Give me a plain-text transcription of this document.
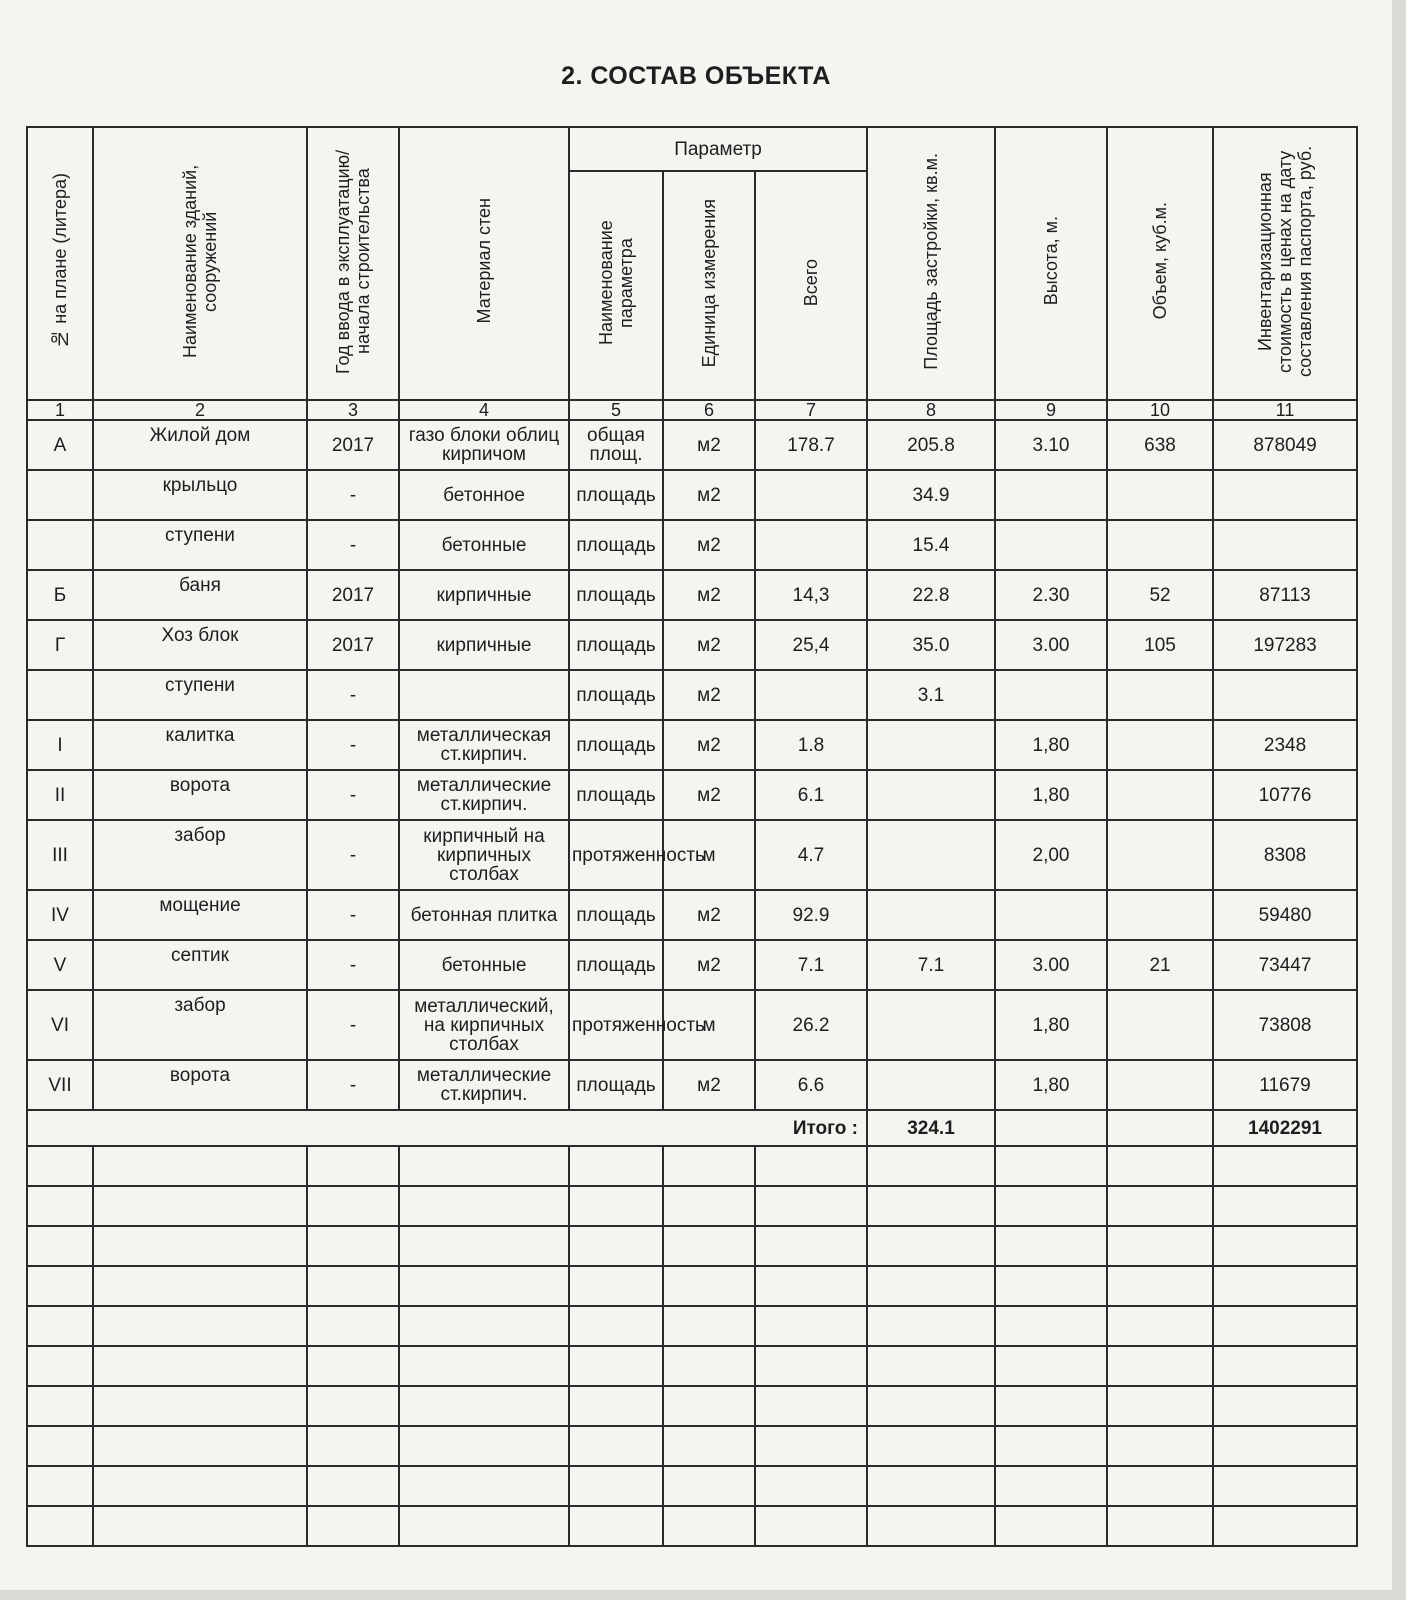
2. СОСТАВ ОБЪЕКТА
№ на плане (литера)	Наименование зданий, сооружений	Год ввода в эксплуатацию/начала строительства	Материал стен	Параметр			Площадь застройки, кв.м.	Высота, м.	Объем, куб.м.	Инвентаризационная стоимость в ценах на дату составления паспорта, руб.
				Наименование параметра	Единица измерения	Всего				
1	2	3	4	5	6	7	8	9	10	11
А	Жилой дом	2017	газо блоки облиц кирпичом	общая площ.	м2	178.7	205.8	3.10	638	878049
	крыльцо	-	бетонное	площадь	м2		34.9			
	ступени	-	бетонные	площадь	м2		15.4			
Б	баня	2017	кирпичные	площадь	м2	14,3	22.8	2.30	52	87113
Г	Хоз блок	2017	кирпичные	площадь	м2	25,4	35.0	3.00	105	197283
	ступени	-		площадь	м2		3.1			
I	калитка	-	металлическая ст.кирпич.	площадь	м2	1.8		1,80		2348
II	ворота	-	металлические ст.кирпич.	площадь	м2	6.1		1,80		10776
III	забор	-	кирпичный на кирпичных столбах	протяженность	м	4.7		2,00		8308
IV	мощение	-	бетонная плитка	площадь	м2	92.9				59480
V	септик	-	бетонные	площадь	м2	7.1	7.1	3.00	21	73447
VI	забор	-	металлический, на кирпичных столбах	протяженность	м	26.2		1,80		73808
VII	ворота	-	металлические ст.кирпич.	площадь	м2	6.6		1,80		11679
Итого :							324.1			1402291
